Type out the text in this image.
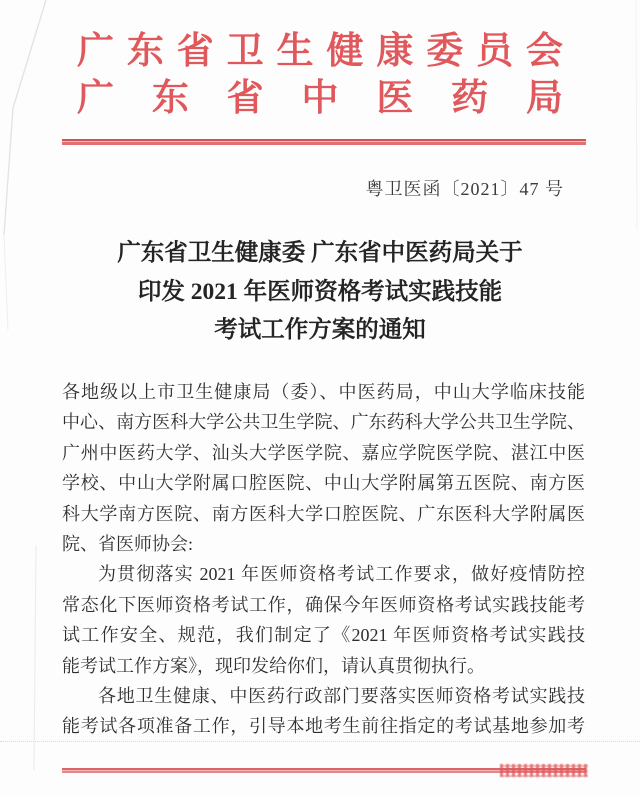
广东省卫生健康委员会
广东省中医药局
粤卫医函〔2021〕47 号
广东省卫生健康委 广东省中医药局关于
印发 2021 年医师资格考试实践技能
考试工作方案的通知
各地级以上市卫生健康局（委）、中医药局，中山大学临床技能
中心、南方医科大学公共卫生学院、广东药科大学公共卫生学院、
广州中医药大学、汕头大学医学院、嘉应学院医学院、湛江中医
学校、中山大学附属口腔医院、中山大学附属第五医院、南方医
科大学南方医院、南方医科大学口腔医院、广东医科大学附属医
院、省医师协会:
为贯彻落实 2021 年医师资格考试工作要求，做好疫情防控
常态化下医师资格考试工作，确保今年医师资格考试实践技能考
试工作安全、规范，我们制定了《2021 年医师资格考试实践技
能考试工作方案》，现印发给你们，请认真贯彻执行。
各地卫生健康、中医药行政部门要落实医师资格考试实践技
能考试各项准备工作，引导本地考生前往指定的考试基地参加考
